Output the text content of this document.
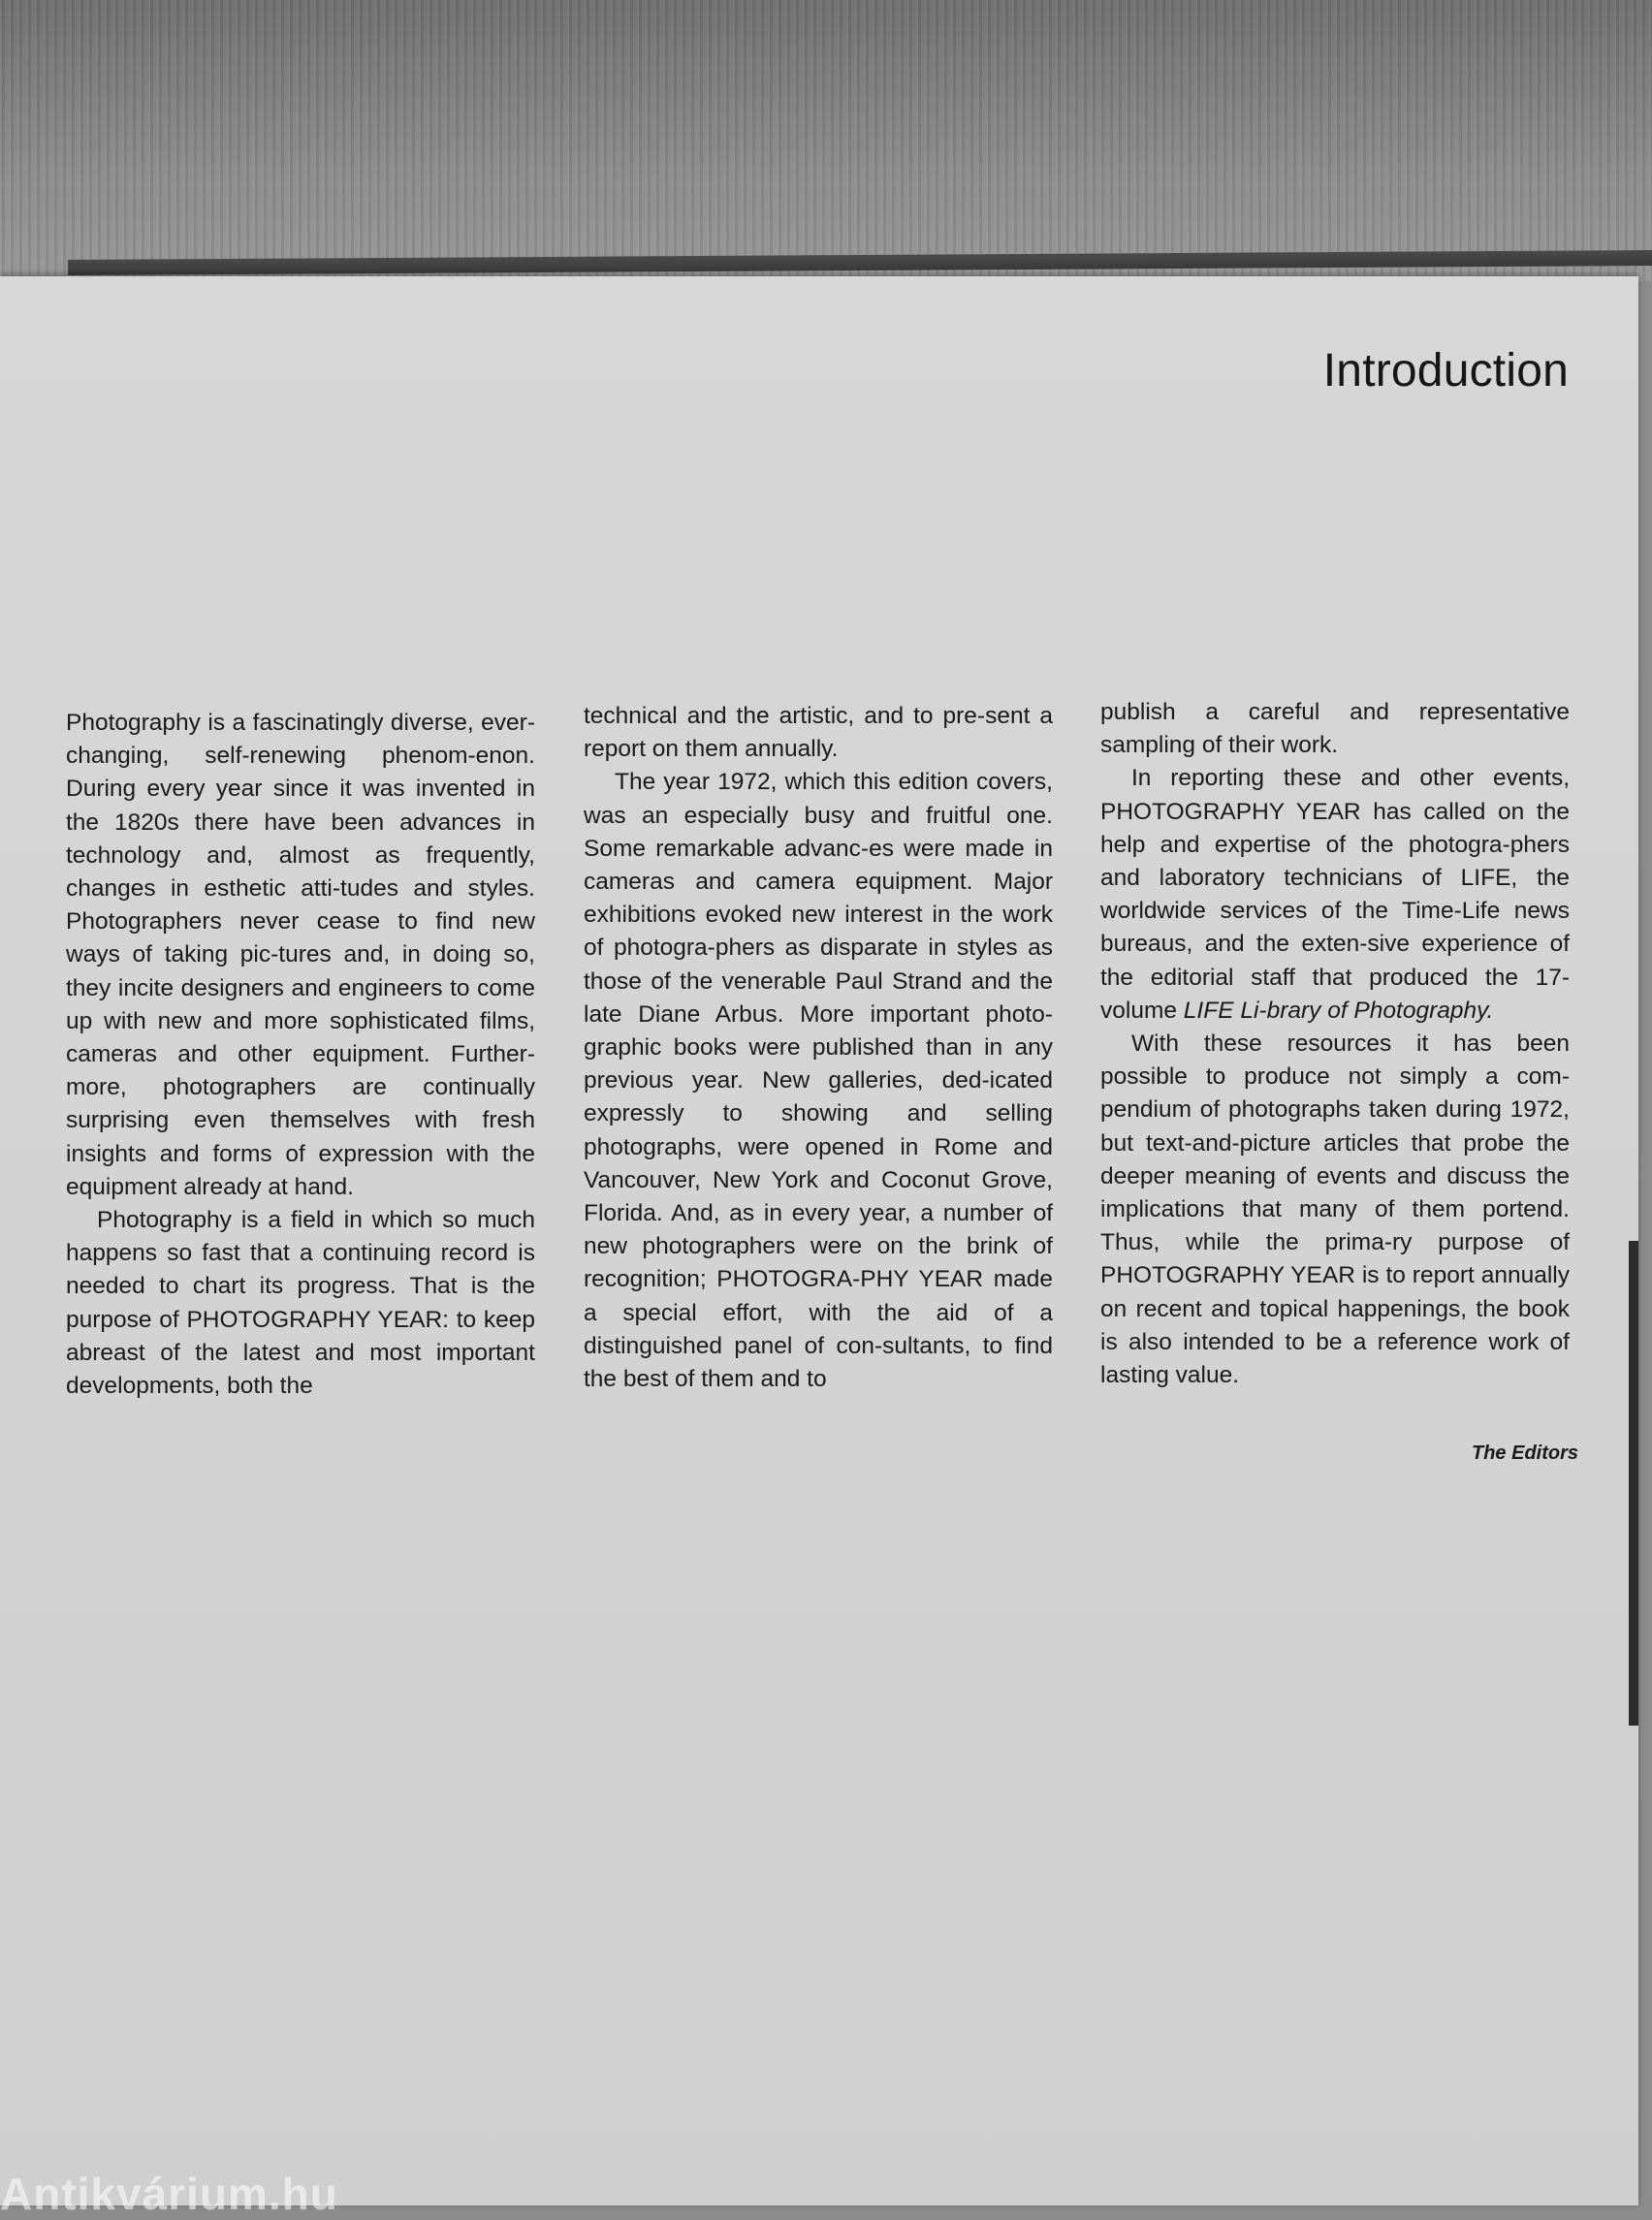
Introduction

Photography is a fascinatingly diverse, ever-changing, self-renewing phenom-enon. During every year since it was invented in the 1820s there have been advances in technology and, almost as frequently, changes in esthetic atti-tudes and styles. Photographers never cease to find new ways of taking pic-tures and, in doing so, they incite designers and engineers to come up with new and more sophisticated films, cameras and other equipment. Further-more, photographers are continually surprising even themselves with fresh insights and forms of expression with the equipment already at hand.

Photography is a field in which so much happens so fast that a continuing record is needed to chart its progress. That is the purpose of PHOTOGRAPHY YEAR: to keep abreast of the latest and most important developments, both the

technical and the artistic, and to pre-sent a report on them annually.

The year 1972, which this edition covers, was an especially busy and fruitful one. Some remarkable advanc-es were made in cameras and camera equipment. Major exhibitions evoked new interest in the work of photogra-phers as disparate in styles as those of the venerable Paul Strand and the late Diane Arbus. More important photo-graphic books were published than in any previous year. New galleries, ded-icated expressly to showing and selling photographs, were opened in Rome and Vancouver, New York and Coconut Grove, Florida. And, as in every year, a number of new photographers were on the brink of recognition; PHOTOGRA-PHY YEAR made a special effort, with the aid of a distinguished panel of con-sultants, to find the best of them and to

publish a careful and representative sampling of their work.

In reporting these and other events, PHOTOGRAPHY YEAR has called on the help and expertise of the photogra-phers and laboratory technicians of LIFE, the worldwide services of the Time-Life news bureaus, and the exten-sive experience of the editorial staff that produced the 17-volume LIFE Li-brary of Photography.

With these resources it has been possible to produce not simply a com-pendium of photographs taken during 1972, but text-and-picture articles that probe the deeper meaning of events and discuss the implications that many of them portend. Thus, while the prima-ry purpose of PHOTOGRAPHY YEAR is to report annually on recent and topical happenings, the book is also intended to be a reference work of lasting value.

The Editors
Antikvárium.hu
